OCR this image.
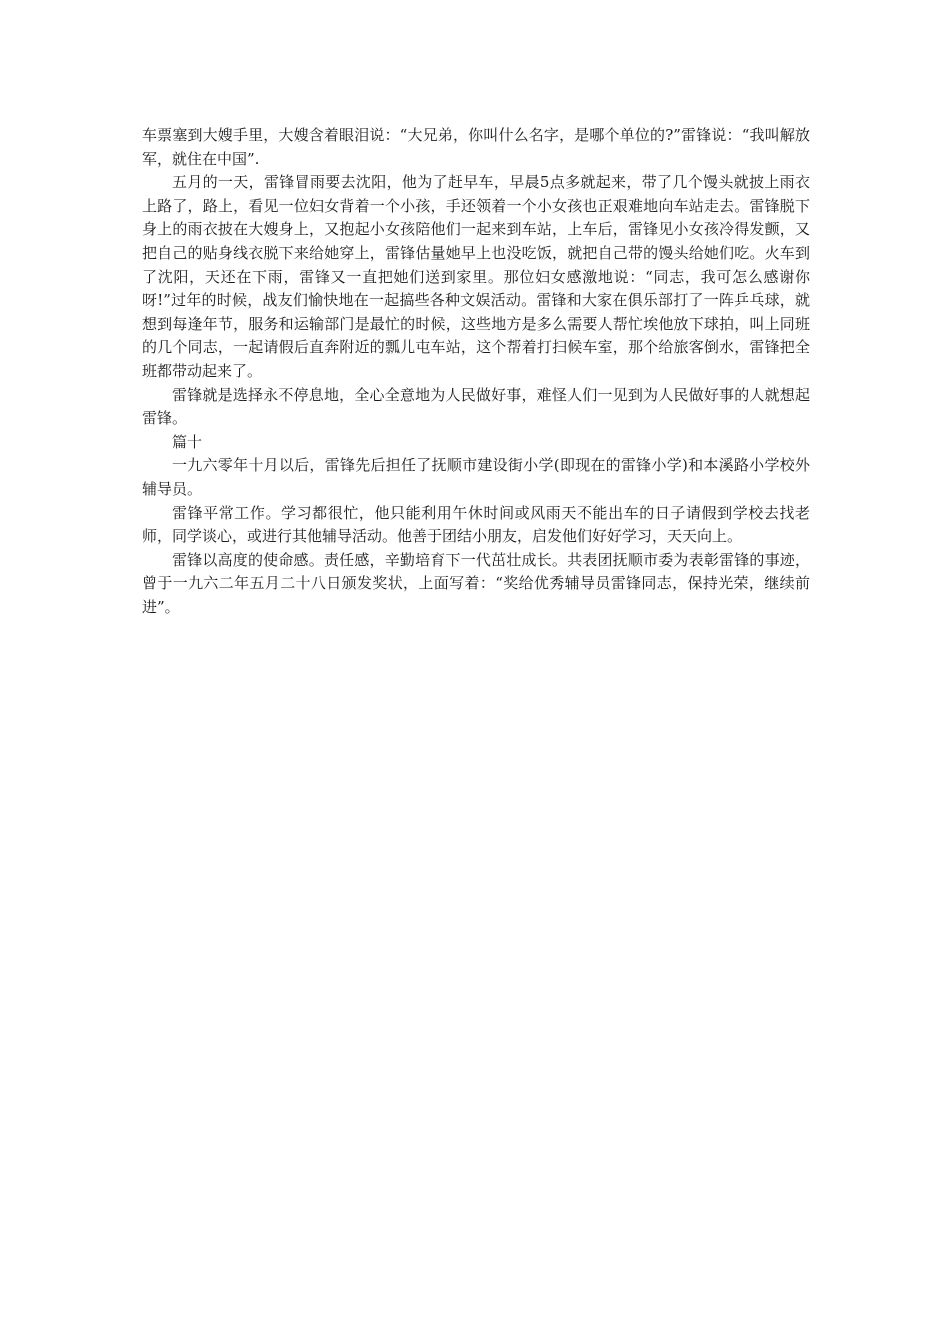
车票塞到大嫂手里，大嫂含着眼泪说：“大兄弟，你叫什么名字，是哪个单位的?”雷锋说：“我叫解放军，就住在中国”.

五月的一天，雷锋冒雨要去沈阳，他为了赶早车，早晨5点多就起来，带了几个馒头就披上雨衣上路了，路上，看见一位妇女背着一个小孩，手还领着一个小女孩也正艰难地向车站走去。雷锋脱下身上的雨衣披在大嫂身上，又抱起小女孩陪他们一起来到车站，上车后，雷锋见小女孩冷得发颤，又把自己的贴身线衣脱下来给她穿上，雷锋估量她早上也没吃饭，就把自己带的馒头给她们吃。火车到了沈阳，天还在下雨，雷锋又一直把她们送到家里。那位妇女感激地说：“同志，我可怎么感谢你呀!”过年的时候，战友们愉快地在一起搞些各种文娱活动。雷锋和大家在俱乐部打了一阵乒乓球，就想到每逢年节，服务和运输部门是最忙的时候，这些地方是多么需要人帮忙埃他放下球拍，叫上同班的几个同志，一起请假后直奔附近的瓢儿屯车站，这个帮着打扫候车室，那个给旅客倒水，雷锋把全班都带动起来了。

雷锋就是选择永不停息地，全心全意地为人民做好事，难怪人们一见到为人民做好事的人就想起雷锋。

篇十

一九六零年十月以后，雷锋先后担任了抚顺市建设街小学(即现在的雷锋小学)和本溪路小学校外辅导员。

雷锋平常工作。学习都很忙，他只能利用午休时间或风雨天不能出车的日子请假到学校去找老师，同学谈心，或进行其他辅导活动。他善于团结小朋友，启发他们好好学习，天天向上。

雷锋以高度的使命感。责任感，辛勤培育下一代茁壮成长。共表团抚顺市委为表彰雷锋的事迹，曾于一九六二年五月二十八日颁发奖状，上面写着：“奖给优秀辅导员雷锋同志，保持光荣，继续前进”。
